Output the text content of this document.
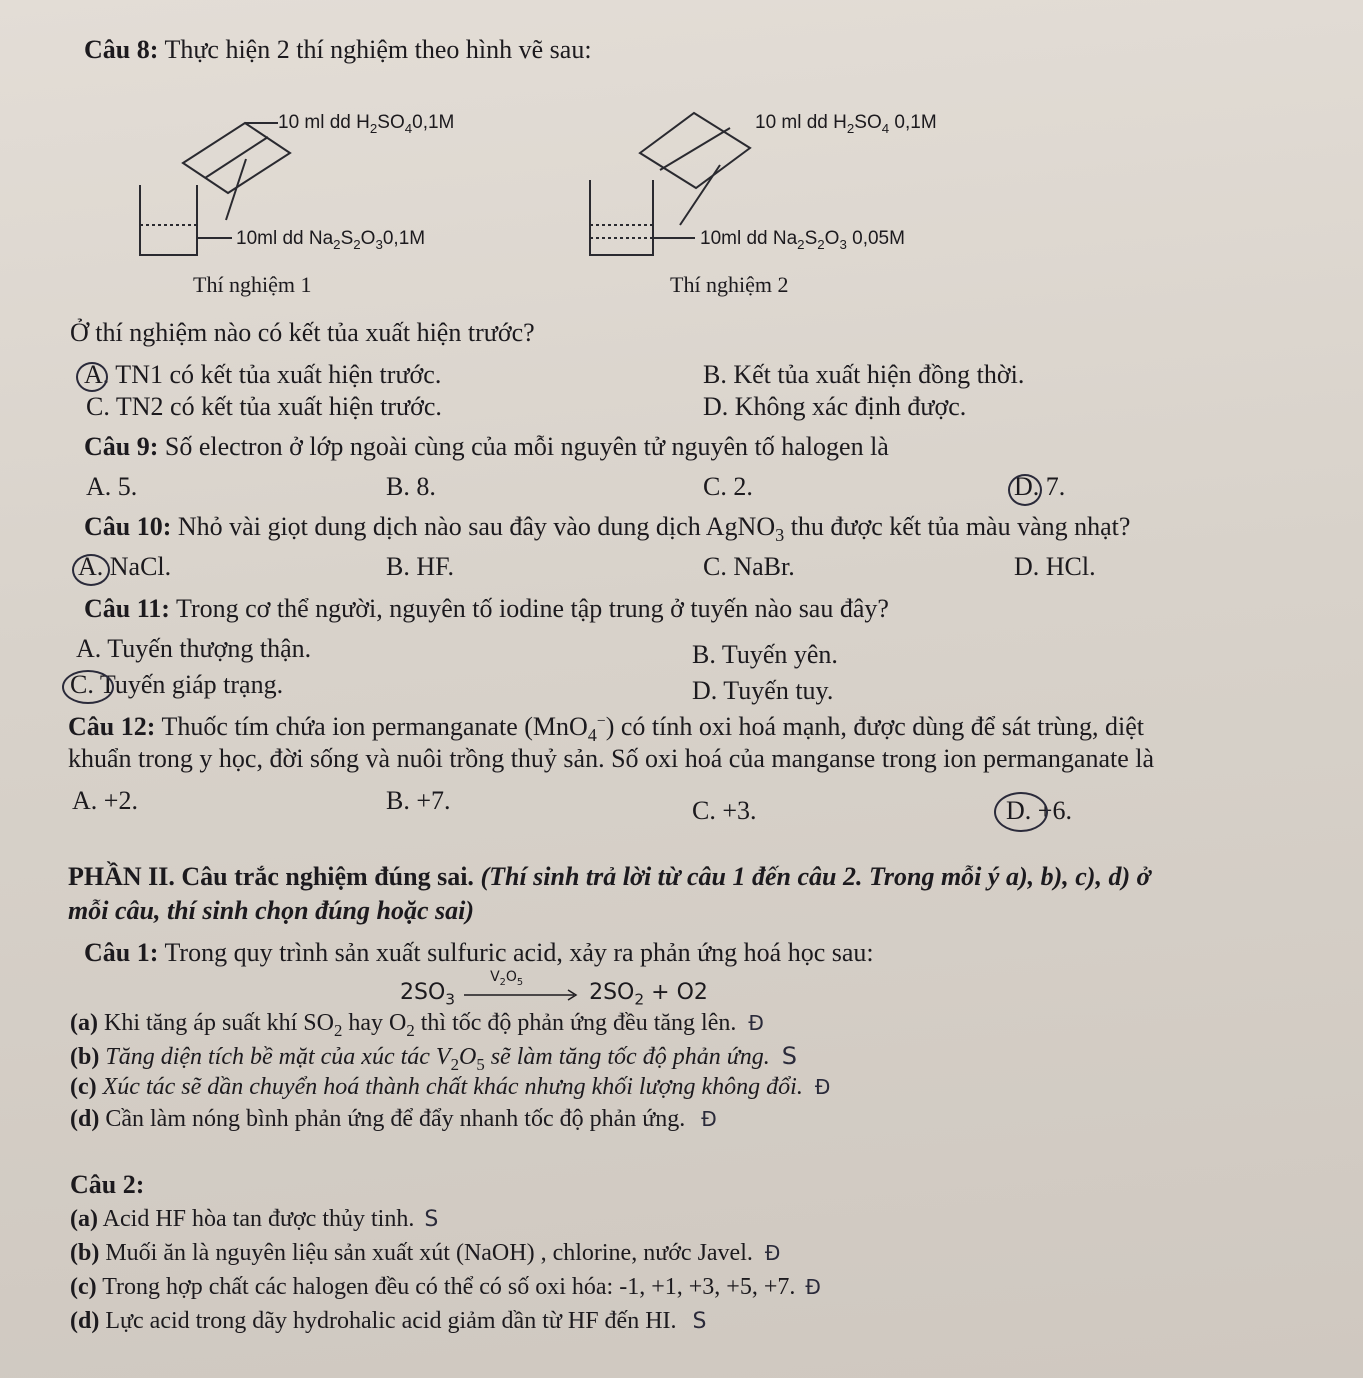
Câu 8: Thực hiện 2 thí nghiệm theo hình vẽ sau:
10 ml dd $H_2SO_40,1M$
10ml dd $Na_2S_2O_30,1M$
Thí nghiệm 1
10 ml dd $H_2SO_4$ 0,1M
10ml dd $Na_2S_2O_3$ 0,05M
Thí nghiệm 2
Ở thí nghiệm nào có kết tủa xuất hiện trước?
A. TN1 có kết tủa xuất hiện trước.	B. Kết tủa xuất hiện đồng thời.
C. TN2 có kết tủa xuất hiện trước.	D. Không xác định được.
Câu 9: Số electron ở lớp ngoài cùng của mỗi nguyên tử nguyên tố halogen là
A. 5.	B. 8.	C. 2.	D. 7.
Câu 10: Nhỏ vài giọt dung dịch nào sau đây vào dung dịch AgNO$_3$ thu được kết tủa màu vàng nhạt?
A. NaCl.	B. HF.	C. NaBr.	D. HCl.
Câu 11: Trong cơ thể người, nguyên tố iodine tập trung ở tuyến nào sau đây?
A. Tuyến thượng thận.	B. Tuyến yên.
C. Tuyến giáp trạng.	D. Tuyến tuy.
Câu 12: Thuốc tím chứa ion permanganate (MnO$_4$−) có tính oxi hoá mạnh, được dùng để sát trùng, diệt
khuẩn trong y học, đời sống và nuôi trồng thuỷ sản. Số oxi hoá của manganse trong ion permanganate là
A. +2.	B. +7.	C. +3.	D. +6.
PHẦN II. Câu trắc nghiệm đúng sai. (Thí sinh trả lời từ câu 1 đến câu 2. Trong mỗi ý a), b), c), d) ở
mỗi câu, thí sinh chọn đúng hoặc sai)
Câu 1: Trong quy trình sản xuất sulfuric acid, xảy ra phản ứng hoá học sau:
$2SO_3$
$V_2O_5$	$2SO_2 + O2$
(a) Khi tăng áp suất khí $SO_2$ hay $O_2$ thì tốc độ phản ứng đều tăng lên. Đ
(b) Tăng diện tích bề mặt của xúc tác $V_2O_5$ sẽ làm tăng tốc độ phản ứng. S
(c) Xúc tác sẽ dần chuyển hoá thành chất khác nhưng khối lượng không đổi. Đ
(d) Cần làm nóng bình phản ứng để đẩy nhanh tốc độ phản ứng. Đ
Câu 2:
(a) Acid HF hòa tan được thủy tinh. S
(b) Muối ăn là nguyên liệu sản xuất xút (NaOH) , chlorine, nước Javel. Đ
(c) Trong hợp chất các halogen đều có thể có số oxi hóa: -1, +1, +3, +5, +7. Đ
(d) Lực acid trong dãy hydrohalic acid giảm dần từ HF đến HI. S
